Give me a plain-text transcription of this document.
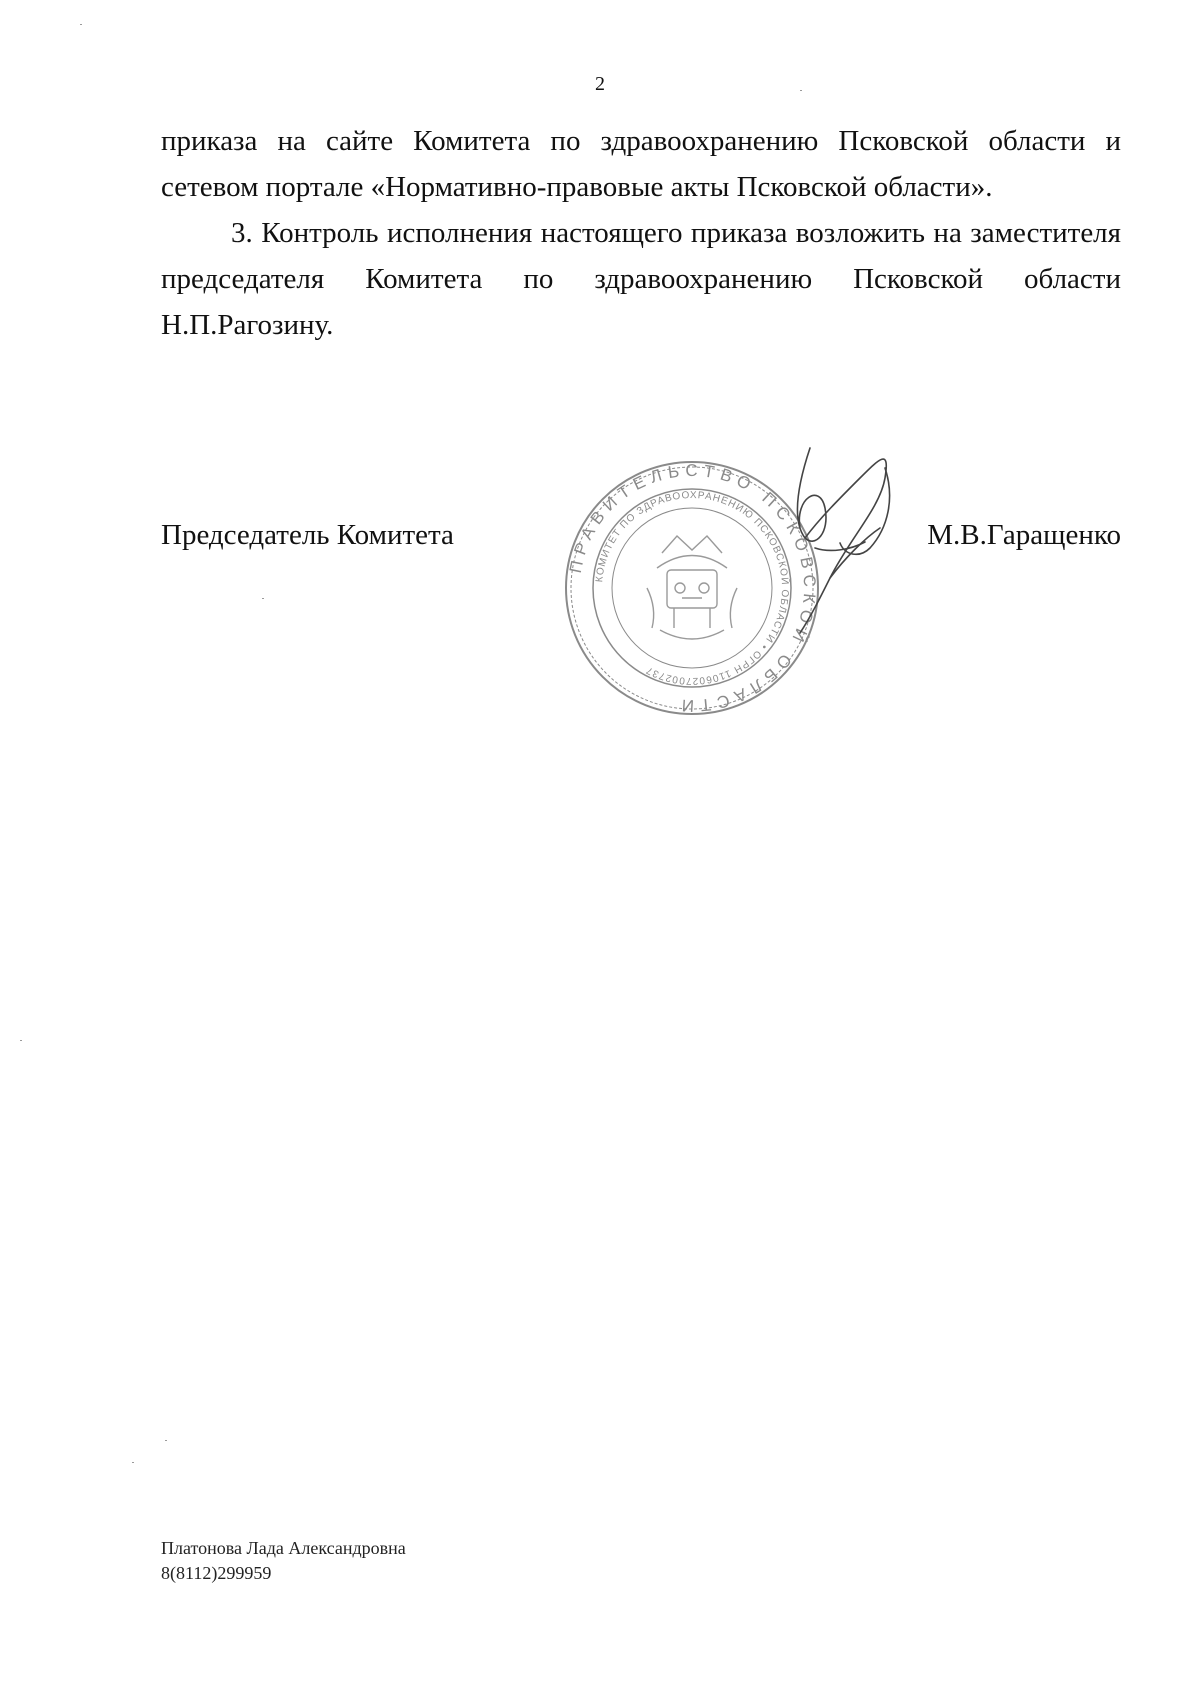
2
приказа на сайте Комитета по здравоохранению Псковской области и сетевом портале «Нормативно-правовые акты Псковской области».
3. Контроль исполнения настоящего приказа возложить на заместителя председателя Комитета по здравоохранению Псковской области Н.П.Рагозину.
ПРАВИТЕЛЬСТВО ПСКОВСКОЙ ОБЛАСТИ
КОМИТЕТ ПО ЗДРАВООХРАНЕНИЮ ПСКОВСКОЙ ОБЛАСТИ • ОГРН 1106027002737
Председатель Комитета	М.В.Гаращенко
Платонова Лада Александровна
8(8112)299959
